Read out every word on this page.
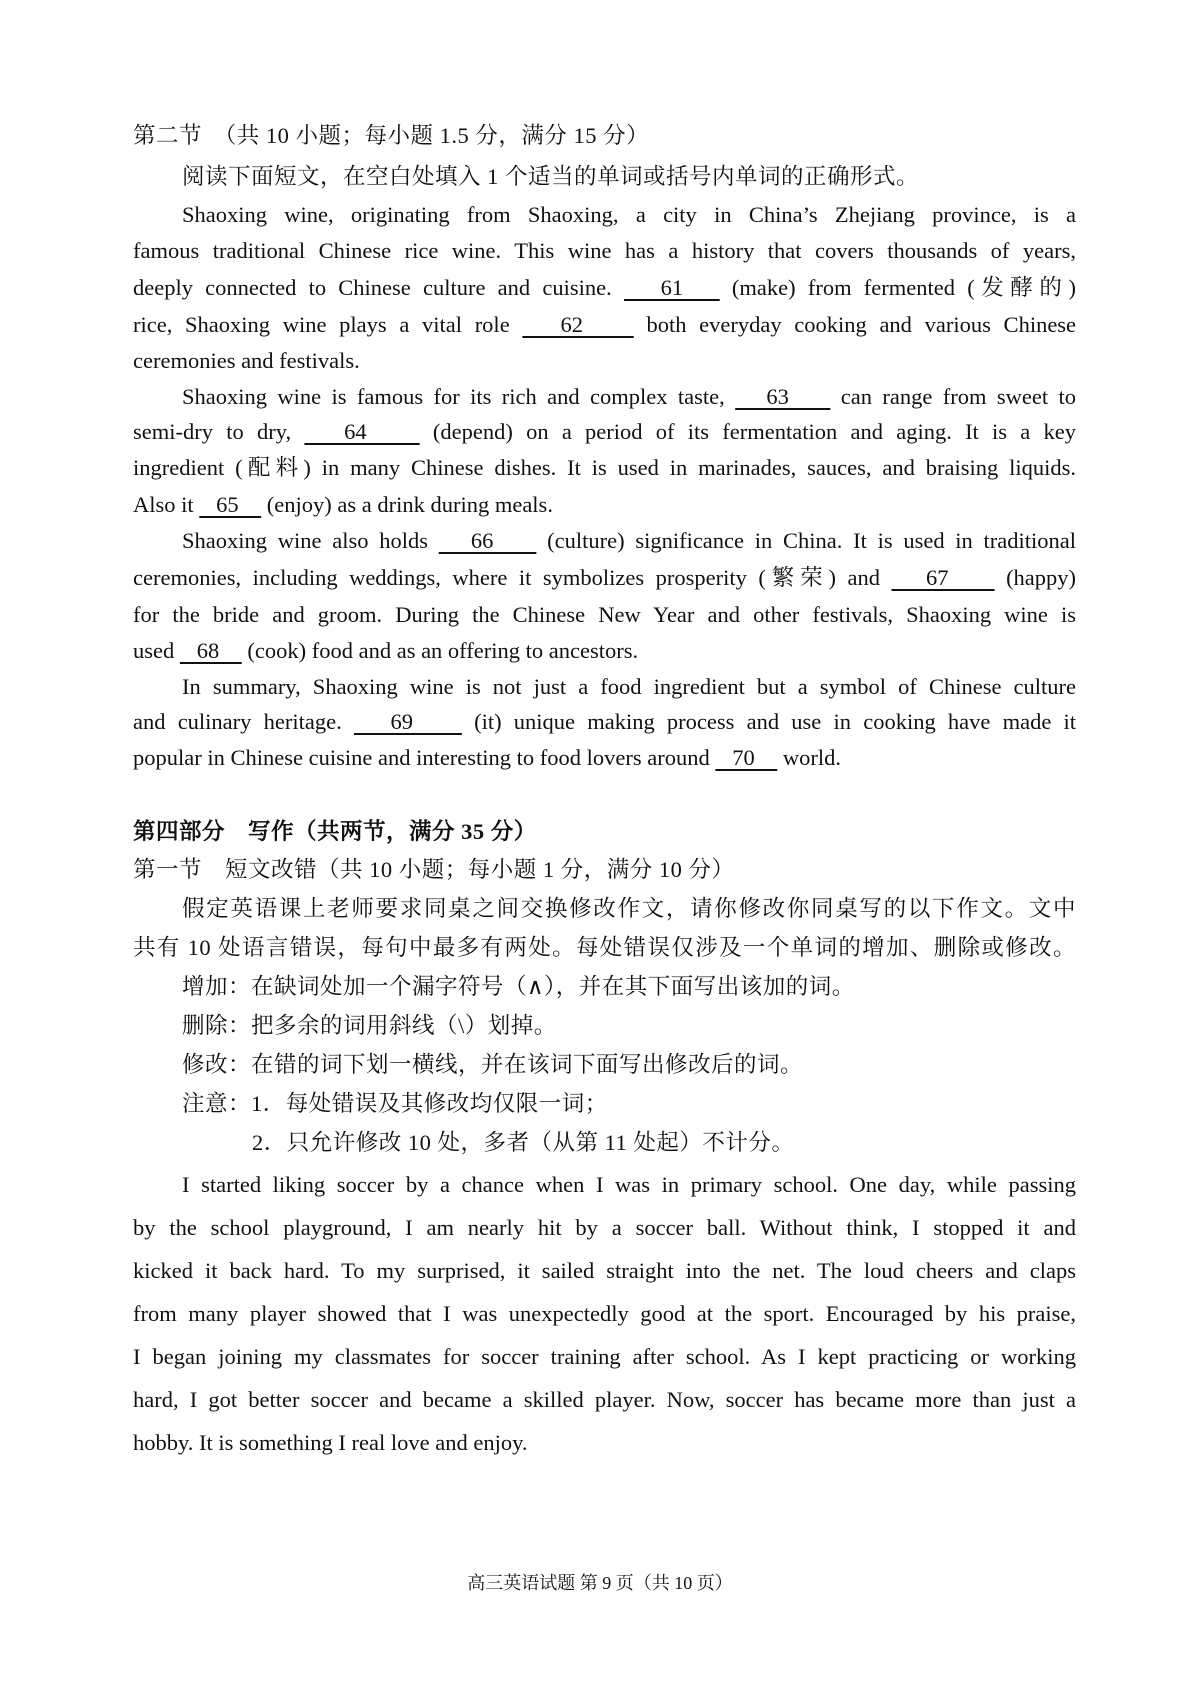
第二节　（共 10 小题；每小题 1.5 分，满分 15 分）
阅读下面短文，在空白处填入 1 个适当的单词或括号内单词的正确形式。
Shaoxing wine, originating from Shaoxing, a city in China’s Zhejiang province, is a
famous traditional Chinese rice wine. This wine has a history that covers thousands of years,
deeply connected to Chinese culture and cuisine.    61    (make) from fermented (发酵的)
rice, Shaoxing wine plays a vital role    62     both everyday cooking and various Chinese
ceremonies and festivals.
Shaoxing wine is famous for its rich and complex taste,    63     can range from sweet to
semi-dry to dry,    64     (depend) on a period of its fermentation and aging. It is a key
ingredient (配料) in many Chinese dishes. It is used in marinades, sauces, and braising liquids.
Also it    65     (enjoy) as a drink during meals.
Shaoxing wine also holds    66     (culture) significance in China. It is used in traditional
ceremonies, including weddings, where it symbolizes prosperity (繁荣) and    67     (happy)
for the bride and groom. During the Chinese New Year and other festivals, Shaoxing wine is
used    68     (cook) food and as an offering to ancestors.
In summary, Shaoxing wine is not just a food ingredient but a symbol of Chinese culture
and culinary heritage.    69     (it) unique making process and use in cooking have made it
popular in Chinese cuisine and interesting to food lovers around    70     world.
第四部分　写作（共两节，满分 35 分）
第一节　短文改错（共 10 小题；每小题 1 分，满分 10 分）
假定英语课上老师要求同桌之间交换修改作文，请你修改你同桌写的以下作文。文中
共有 10 处语言错误，每句中最多有两处。每处错误仅涉及一个单词的增加、删除或修改。
增加：在缺词处加一个漏字符号（∧），并在其下面写出该加的词。
删除：把多余的词用斜线（\）划掉。
修改：在错的词下划一横线，并在该词下面写出修改后的词。
注意：1．每处错误及其修改均仅限一词；
2．只允许修改 10 处，多者（从第 11 处起）不计分。
I started liking soccer by a chance when I was in primary school. One day, while passing
by the school playground, I am nearly hit by a soccer ball. Without think, I stopped it and
kicked it back hard. To my surprised, it sailed straight into the net. The loud cheers and claps
from many player showed that I was unexpectedly good at the sport. Encouraged by his praise,
I began joining my classmates for soccer training after school. As I kept practicing or working
hard, I got better soccer and became a skilled player. Now, soccer has became more than just a
hobby. It is something I real love and enjoy.
高三英语试题 第 9 页（共 10 页）
